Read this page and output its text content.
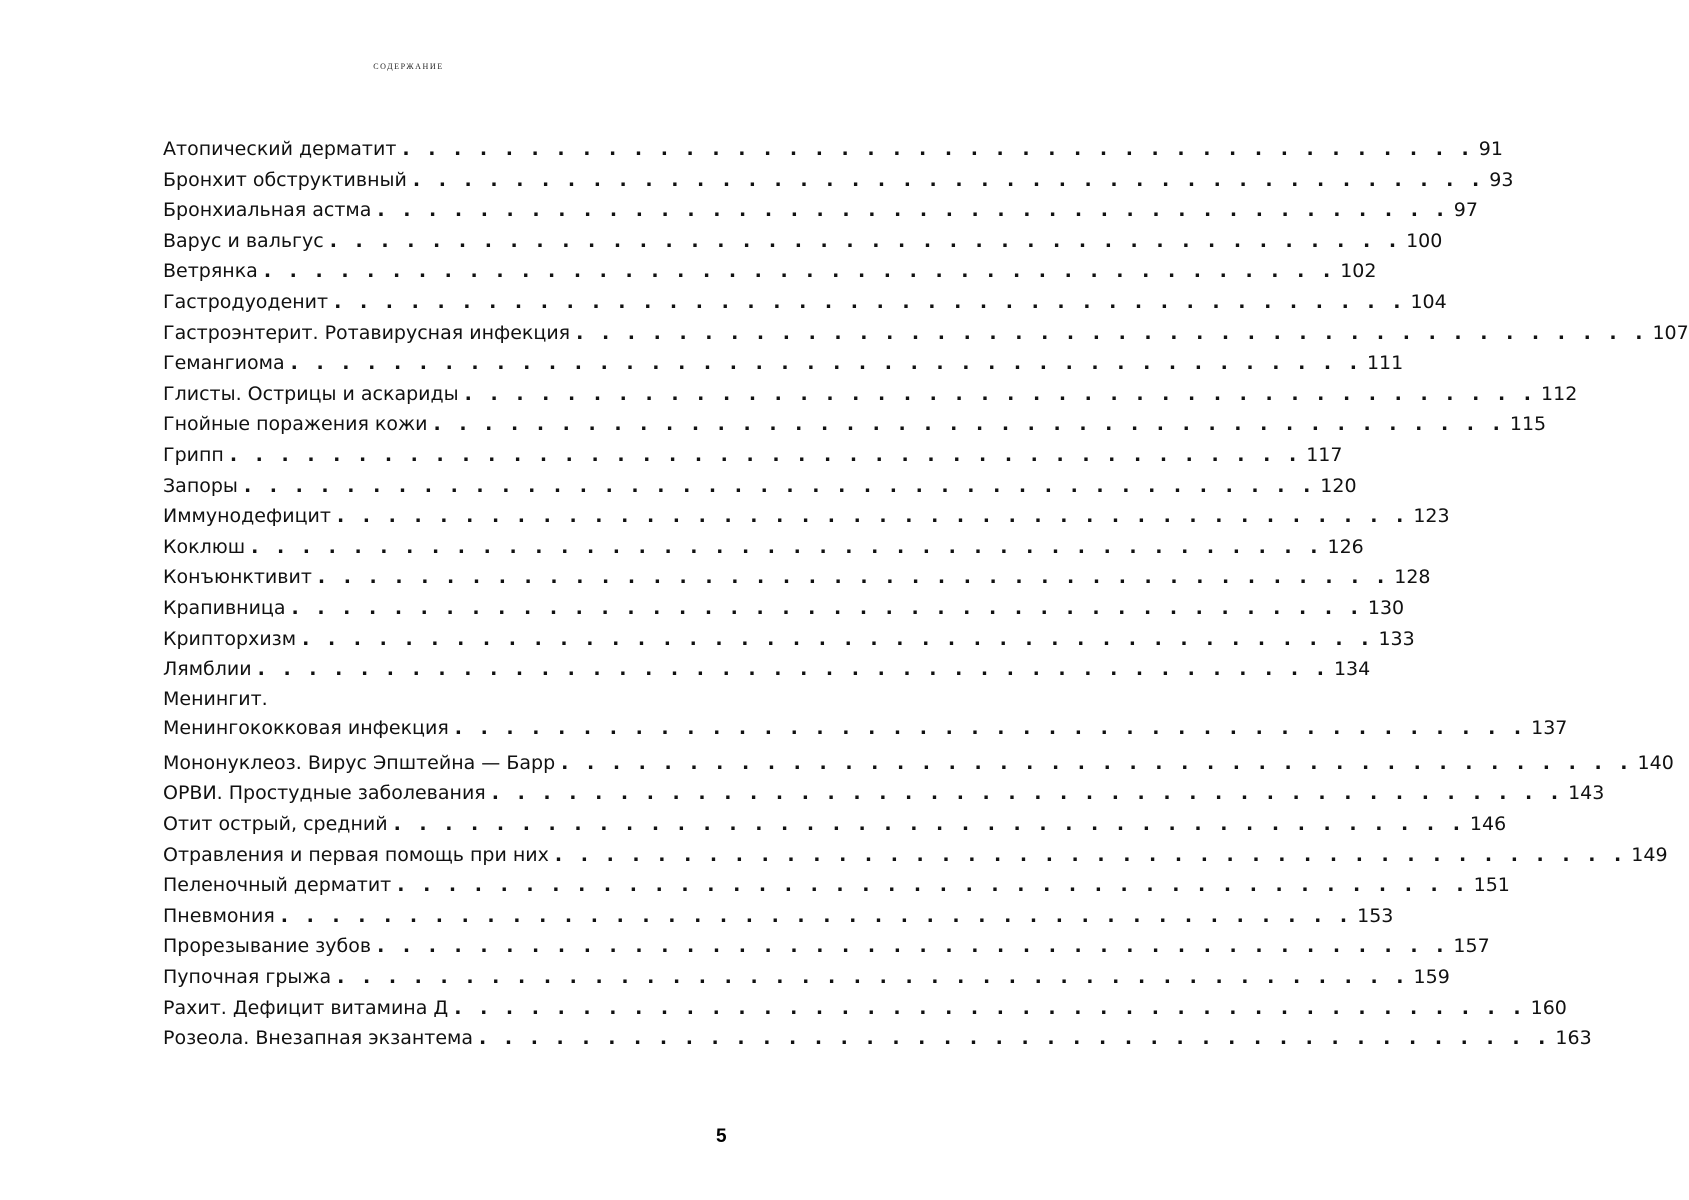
содержание
Атопический дерматит . . . . . . . . . . . . . . . . . . . . . . . . . . . . . . . . . . . . . . . . . . 91
Бронхит обструктивный . . . . . . . . . . . . . . . . . . . . . . . . . . . . . . . . . . . . . . . . . . 93
Бронхиальная астма . . . . . . . . . . . . . . . . . . . . . . . . . . . . . . . . . . . . . . . . . . 97
Варус и вальгус . . . . . . . . . . . . . . . . . . . . . . . . . . . . . . . . . . . . . . . . . . 100
Ветрянка . . . . . . . . . . . . . . . . . . . . . . . . . . . . . . . . . . . . . . . . . . 102
Гастродуоденит . . . . . . . . . . . . . . . . . . . . . . . . . . . . . . . . . . . . . . . . . . 104
Гастроэнтерит. Ротавирусная инфекция . . . . . . . . . . . . . . . . . . . . . . . . . . . . . . . . . . . . . . . . . . 107
Гемангиома . . . . . . . . . . . . . . . . . . . . . . . . . . . . . . . . . . . . . . . . . . 111
Глисты. Острицы и аскариды . . . . . . . . . . . . . . . . . . . . . . . . . . . . . . . . . . . . . . . . . . 112
Гнойные поражения кожи . . . . . . . . . . . . . . . . . . . . . . . . . . . . . . . . . . . . . . . . . . 115
Грипп . . . . . . . . . . . . . . . . . . . . . . . . . . . . . . . . . . . . . . . . . . 117
Запоры . . . . . . . . . . . . . . . . . . . . . . . . . . . . . . . . . . . . . . . . . . 120
Иммунодефицит . . . . . . . . . . . . . . . . . . . . . . . . . . . . . . . . . . . . . . . . . . 123
Коклюш . . . . . . . . . . . . . . . . . . . . . . . . . . . . . . . . . . . . . . . . . . 126
Конъюнктивит . . . . . . . . . . . . . . . . . . . . . . . . . . . . . . . . . . . . . . . . . . 128
Крапивница . . . . . . . . . . . . . . . . . . . . . . . . . . . . . . . . . . . . . . . . . . 130
Крипторхизм . . . . . . . . . . . . . . . . . . . . . . . . . . . . . . . . . . . . . . . . . . 133
Лямблии . . . . . . . . . . . . . . . . . . . . . . . . . . . . . . . . . . . . . . . . . . 134
Менингит.
Менингококковая инфекция . . . . . . . . . . . . . . . . . . . . . . . . . . . . . . . . . . . . . . . . . . 137
Мононуклеоз. Вирус Эпштейна — Барр . . . . . . . . . . . . . . . . . . . . . . . . . . . . . . . . . . . . . . . . . . 140
ОРВИ. Простудные заболевания . . . . . . . . . . . . . . . . . . . . . . . . . . . . . . . . . . . . . . . . . . 143
Отит острый, средний . . . . . . . . . . . . . . . . . . . . . . . . . . . . . . . . . . . . . . . . . . 146
Отравления и первая помощь при них . . . . . . . . . . . . . . . . . . . . . . . . . . . . . . . . . . . . . . . . . . 149
Пеленочный дерматит . . . . . . . . . . . . . . . . . . . . . . . . . . . . . . . . . . . . . . . . . . 151
Пневмония . . . . . . . . . . . . . . . . . . . . . . . . . . . . . . . . . . . . . . . . . . 153
Прорезывание зубов . . . . . . . . . . . . . . . . . . . . . . . . . . . . . . . . . . . . . . . . . . 157
Пупочная грыжа . . . . . . . . . . . . . . . . . . . . . . . . . . . . . . . . . . . . . . . . . . 159
Рахит. Дефицит витамина Д . . . . . . . . . . . . . . . . . . . . . . . . . . . . . . . . . . . . . . . . . . 160
Розеола. Внезапная экзантема . . . . . . . . . . . . . . . . . . . . . . . . . . . . . . . . . . . . . . . . . . 163
5
